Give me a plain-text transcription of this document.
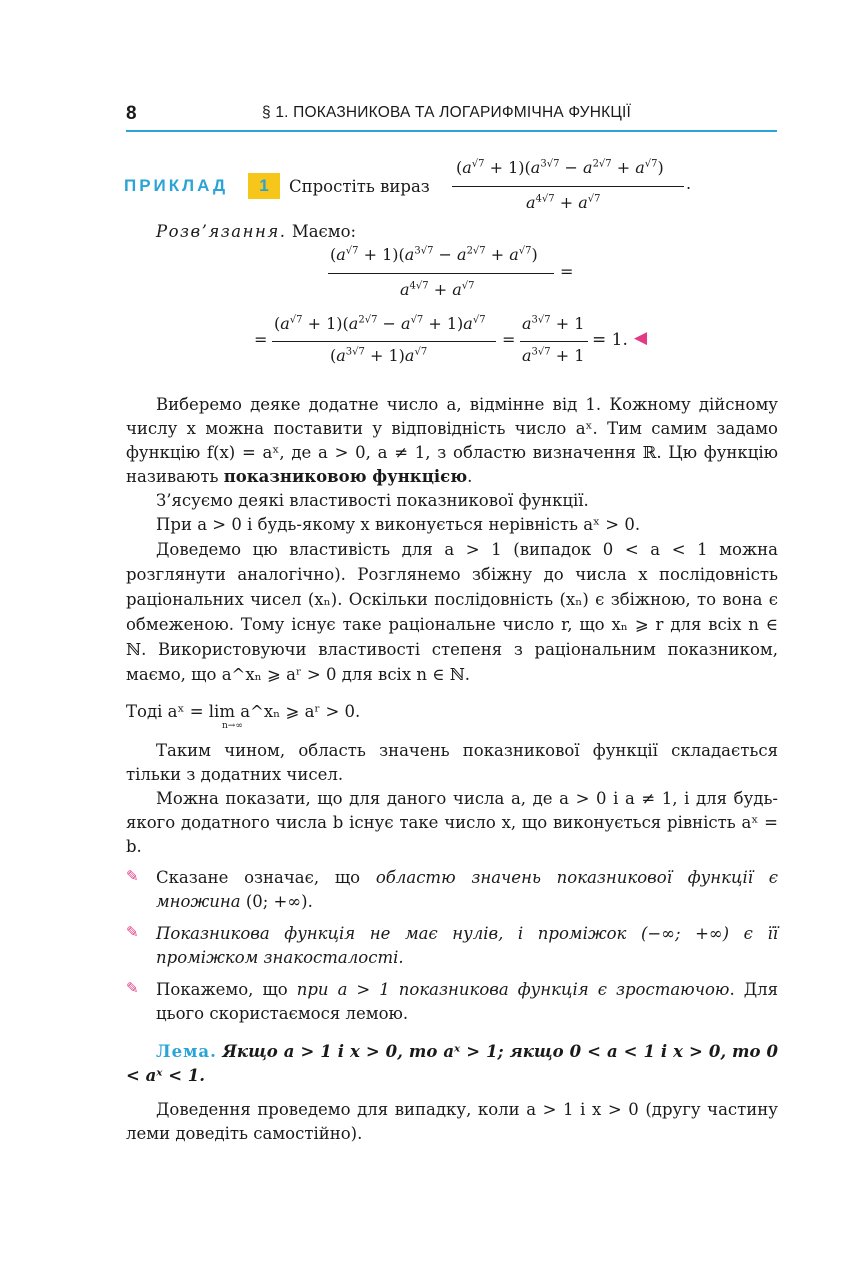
8	§ 1. ПОКАЗНИКОВА ТА ЛОГАРИФМІЧНА ФУНКЦІЇ
ПРИКЛАД	1	Спростіть вираз
$(a^{√7} + 1)(a^{3√7} - a^{2√7} + a^{√7})$
$a^{4√7} + a^{√7}$
.
Розв’язання. Маємо:
$(a^{√7} + 1)(a^{3√7} - a^{2√7} + a^{√7})$
$a^{4√7} + a^{√7}$
=
=
$(a^{√7} + 1)(a^{2√7} - a^{√7} + 1)a^{√7}$
$(a^{3√7} + 1)a^{√7}$
=
$a^{3√7} + 1$
$a^{3√7} + 1$
= 1. ◀
Виберемо деяке додатне число a, відмінне від 1. Кожному дійсному числу x можна поставити у відповідність число aˣ. Тим самим задамо функцію f(x) = aˣ, де a > 0, a ≠ 1, з областю визначення ℝ. Цю функцію називають показниковою функцією.
З’ясуємо деякі властивості показникової функції.
При a > 0 і будь-якому x виконується нерівність aˣ > 0.
Доведемо цю властивість для a > 1 (випадок 0 < a < 1 можна розглянути аналогічно). Розглянемо збіжну до числа x послідовність раціональних чисел (xₙ). Оскільки послідовність (xₙ) є збіжною, то вона є обмеженою. Тому існує таке раціональне число r, що xₙ ⩾ r для всіх n ∈ ℕ. Використовуючи властивості степеня з раціональним показником, маємо, що a^xₙ ⩾ aʳ > 0 для всіх n ∈ ℕ.
Тоді aˣ = lim a^xₙ ⩾ aʳ > 0.
n→∞
Таким чином, область значень показникової функції складається тільки з додатних чисел.
Можна показати, що для даного числа a, де a > 0 і a ≠ 1, і для будь-якого додатного числа b існує таке число x, що виконується рівність aˣ = b.
✎ Сказане означає, що областю значень показникової функції є множина (0; +∞).
✎ Показникова функція не має нулів, і проміжок (−∞; +∞) є її проміжком знакосталості.
✎ Покажемо, що при a > 1 показникова функція є зростаючою. Для цього скористаємося лемою.
Лема. Якщо a > 1 і x > 0, то aˣ > 1; якщо 0 < a < 1 і x > 0, то 0 < aˣ < 1.
Доведення проведемо для випадку, коли a > 1 і x > 0 (другу частину леми доведіть самостійно).
